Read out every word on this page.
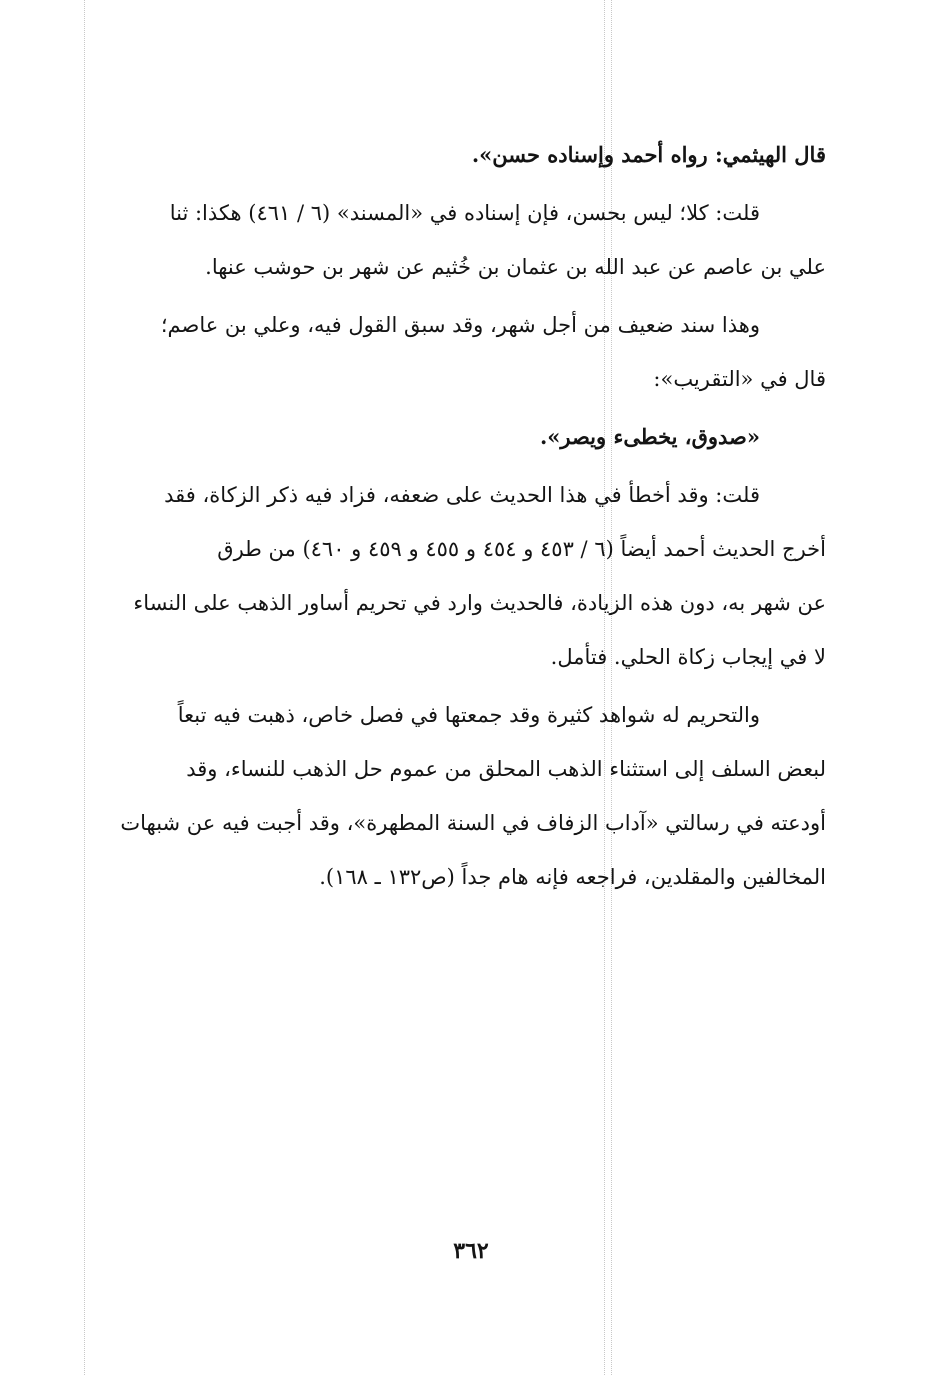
قال الهيثمي: رواه أحمد وإسناده حسن».
قلت: كلا؛ ليس بحسن، فإن إسناده في «المسند» (٦ / ٤٦١) هكذا: ثنا
علي بن عاصم عن عبد الله بن عثمان بن خُثيم عن شهر بن حوشب عنها.
وهذا سند ضعيف من أجل شهر، وقد سبق القول فيه، وعلي بن عاصم؛
قال في «التقريب»:
«صدوق، يخطىء ويصر».
قلت: وقد أخطأ في هذا الحديث على ضعفه، فزاد فيه ذكر الزكاة، فقد
أخرج الحديث أحمد أيضاً (٦ / ٤٥٣ و ٤٥٤ و ٤٥٥ و ٤٥٩ و ٤٦٠) من طرق
عن شهر به، دون هذه الزيادة، فالحديث وارد في تحريم أساور الذهب على النساء
لا في إيجاب زكاة الحلي. فتأمل.
والتحريم له شواهد كثيرة وقد جمعتها في فصل خاص، ذهبت فيه تبعاً
لبعض السلف إلى استثناء الذهب المحلق من عموم حل الذهب للنساء، وقد
أودعته في رسالتي «آداب الزفاف في السنة المطهرة»، وقد أجبت فيه عن شبهات
المخالفين والمقلدين، فراجعه فإنه هام جداً (ص١٣٢ ـ ١٦٨).
٣٦٢
